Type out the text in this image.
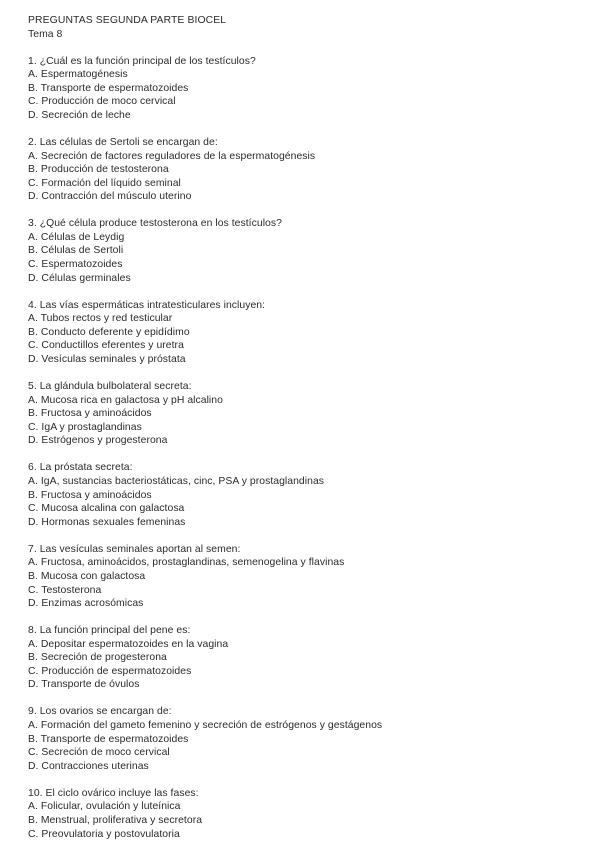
PREGUNTAS SEGUNDA PARTE BIOCEL
Tema 8
1. ¿Cuál es la función principal de los testículos?
A. Espermatogénesis
B. Transporte de espermatozoides
C. Producción de moco cervical
D. Secreción de leche
2. Las células de Sertoli se encargan de:
A. Secreción de factores reguladores de la espermatogénesis
B. Producción de testosterona
C. Formación del líquido seminal
D. Contracción del músculo uterino
3. ¿Qué célula produce testosterona en los testículos?
A. Células de Leydig
B. Células de Sertoli
C. Espermatozoides
D. Células germinales
4. Las vías espermáticas intratesticulares incluyen:
A. Tubos rectos y red testicular
B. Conducto deferente y epidídimo
C. Conductillos eferentes y uretra
D. Vesículas seminales y próstata
5. La glándula bulbolateral secreta:
A. Mucosa rica en galactosa y pH alcalino
B. Fructosa y aminoácidos
C. IgA y prostaglandinas
D. Estrógenos y progesterona
6. La próstata secreta:
A. IgA, sustancias bacteriostáticas, cinc, PSA y prostaglandinas
B. Fructosa y aminoácidos
C. Mucosa alcalina con galactosa
D. Hormonas sexuales femeninas
7. Las vesículas seminales aportan al semen:
A. Fructosa, aminoácidos, prostaglandinas, semenogelina y flavinas
B. Mucosa con galactosa
C. Testosterona
D. Enzimas acrosómicas
8. La función principal del pene es:
A. Depositar espermatozoides en la vagina
B. Secreción de progesterona
C. Producción de espermatozoides
D. Transporte de óvulos
9. Los ovarios se encargan de:
A. Formación del gameto femenino y secreción de estrógenos y gestágenos
B. Transporte de espermatozoides
C. Secreción de moco cervical
D. Contracciones uterinas
10. El ciclo ovárico incluye las fases:
A. Folicular, ovulación y luteínica
B. Menstrual, proliferativa y secretora
C. Preovulatoria y postovulatoria
